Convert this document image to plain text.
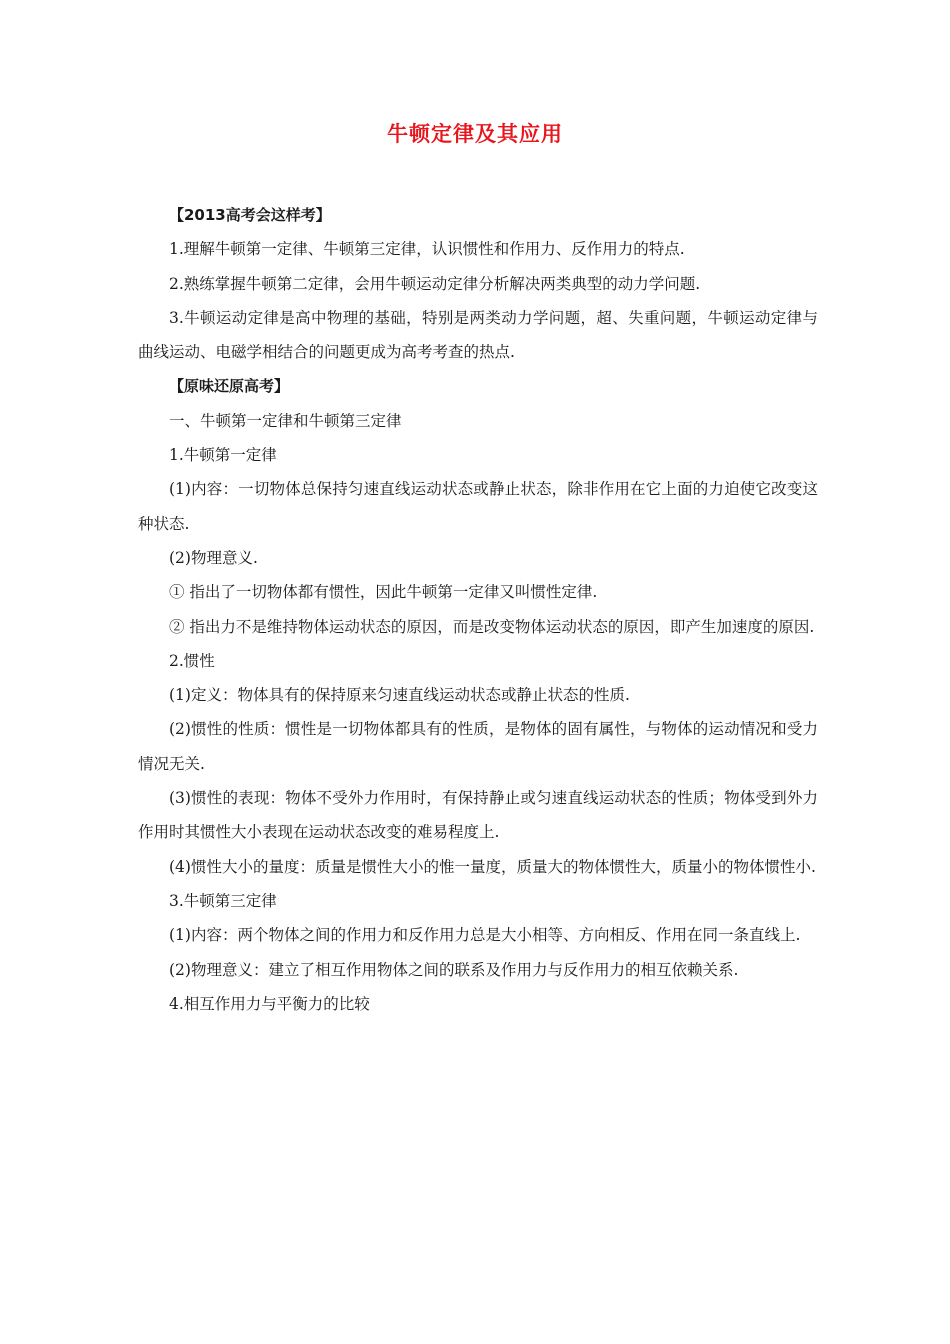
牛顿定律及其应用

【2013高考会这样考】

1.理解牛顿第一定律、牛顿第三定律，认识惯性和作用力、反作用力的特点.

2.熟练掌握牛顿第二定律，会用牛顿运动定律分析解决两类典型的动力学问题.

3.牛顿运动定律是高中物理的基础，特别是两类动力学问题，超、失重问题，牛顿运动定律与曲线运动、电磁学相结合的问题更成为高考考查的热点.

【原味还原高考】

一、牛顿第一定律和牛顿第三定律

1.牛顿第一定律

(1)内容：一切物体总保持匀速直线运动状态或静止状态，除非作用在它上面的力迫使它改变这种状态.

(2)物理意义.

① 指出了一切物体都有惯性，因此牛顿第一定律又叫惯性定律.

② 指出力不是维持物体运动状态的原因，而是改变物体运动状态的原因，即产生加速度的原因.

2.惯性

(1)定义：物体具有的保持原来匀速直线运动状态或静止状态的性质.

(2)惯性的性质：惯性是一切物体都具有的性质，是物体的固有属性，与物体的运动情况和受力情况无关.

(3)惯性的表现：物体不受外力作用时，有保持静止或匀速直线运动状态的性质；物体受到外力作用时其惯性大小表现在运动状态改变的难易程度上.

(4)惯性大小的量度：质量是惯性大小的惟一量度，质量大的物体惯性大，质量小的物体惯性小.

3.牛顿第三定律

(1)内容：两个物体之间的作用力和反作用力总是大小相等、方向相反、作用在同一条直线上.

(2)物理意义：建立了相互作用物体之间的联系及作用力与反作用力的相互依赖关系.

4.相互作用力与平衡力的比较
